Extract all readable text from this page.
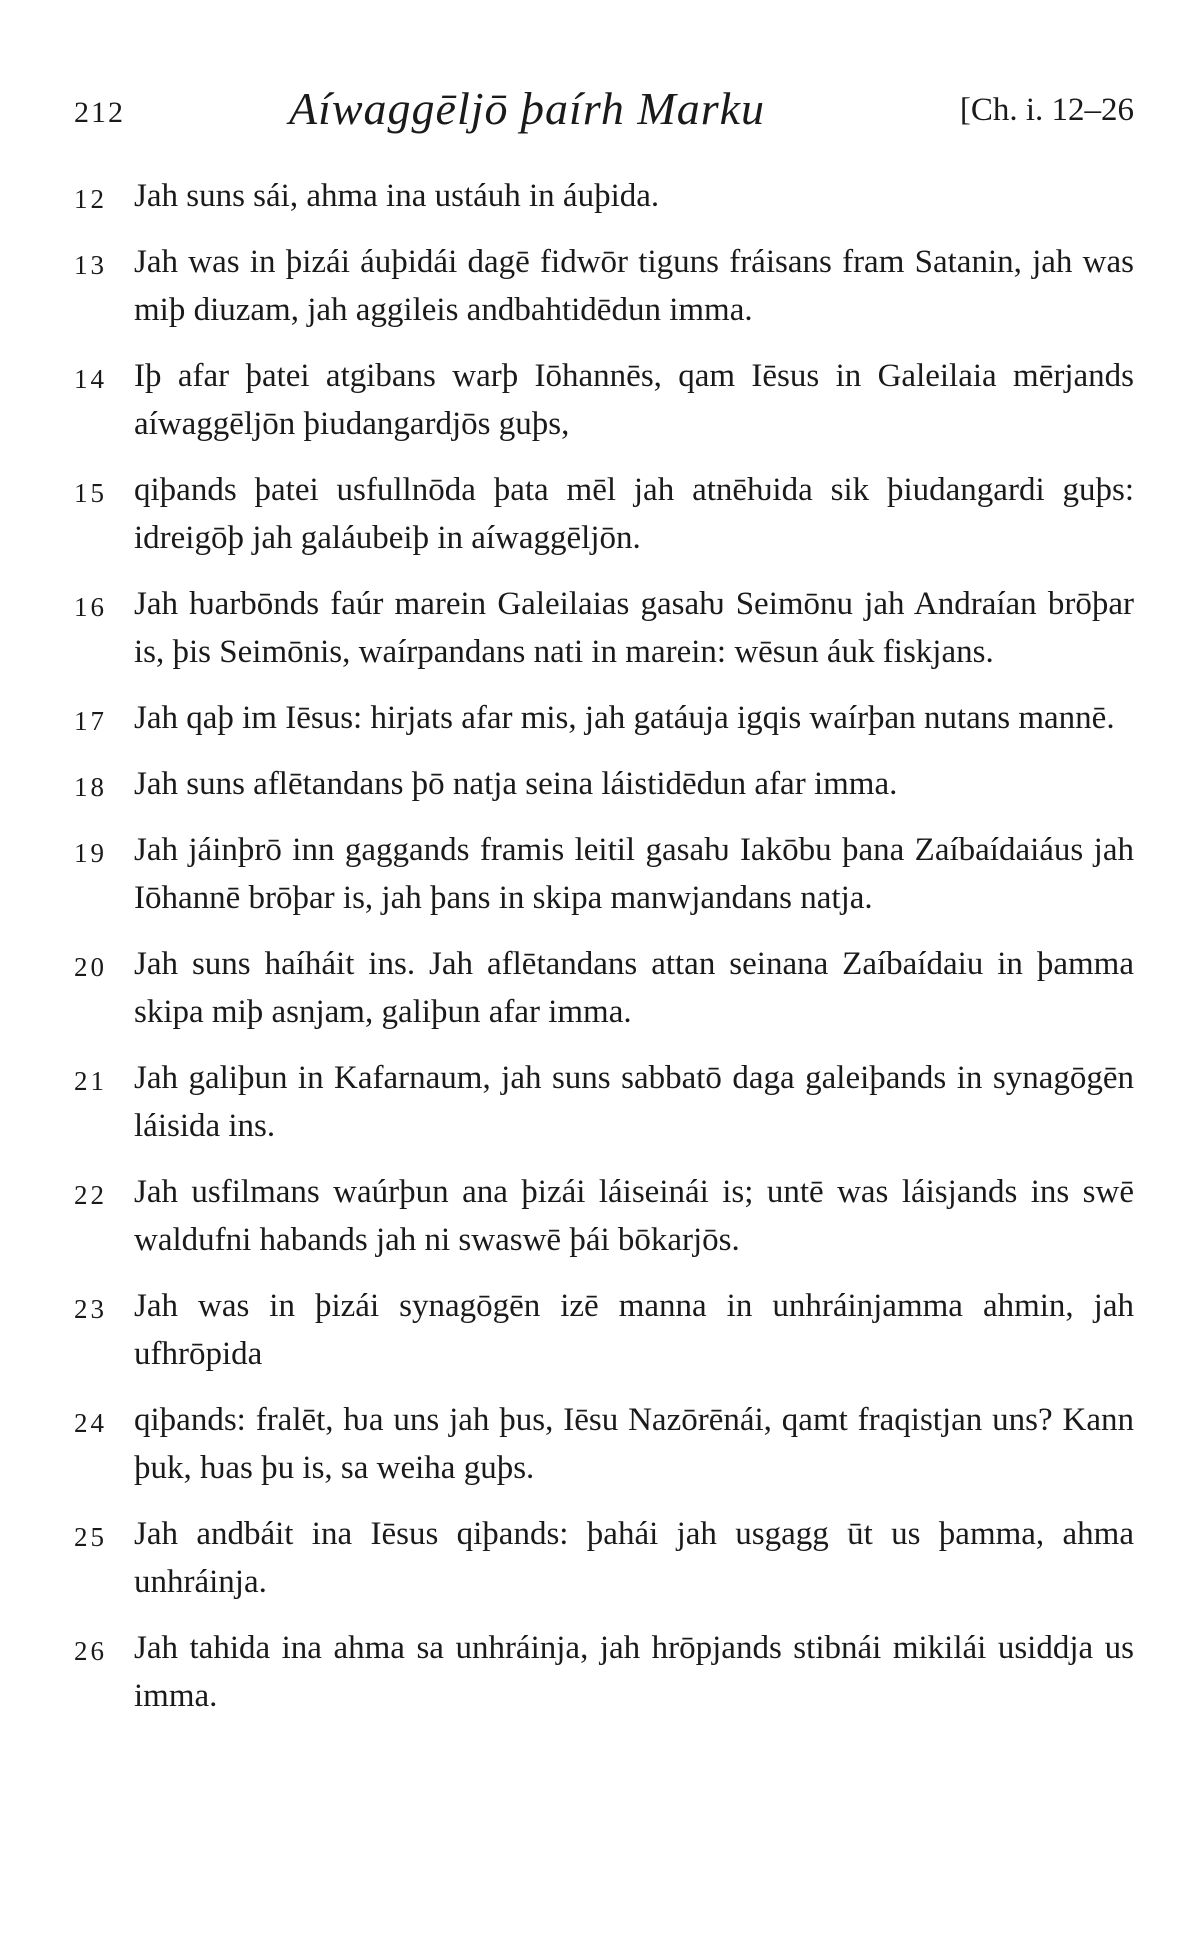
212	Aíwaggēljō þaírh Marku	[Ch. i. 12–26
12 Jah suns sái, ahma ina ustáuh in áuþida.
13 Jah was in þizái áuþidái dagē fidwōr tiguns fráisans fram Satanin, jah was miþ diuzam, jah aggileis andbahtidēdun imma.
14 Iþ afar þatei atgibans warþ Iōhannēs, qam Iēsus in Galeilaia mērjands aíwaggēljōn þiudangardjōs guþs,
15 qiþands þatei usfullnōda þata mēl jah atnēƕida sik þiudangardi guþs: idreigōþ jah galáubeiþ in aíwaggēljōn.
16 Jah ƕarbōnds faúr marein Galeilaias gasaƕ Seimōnu jah Andraían brōþar is, þis Seimōnis, waírpandans nati in marein: wēsun áuk fiskjans.
17 Jah qaþ im Iēsus: hirjats afar mis, jah gatáuja igqis waírþan nutans mannē.
18 Jah suns aflētandans þō natja seina láistidēdun afar imma.
19 Jah jáinþrō inn gaggands framis leitil gasaƕ Iakōbu þana Zaíbaídaiáus jah Iōhannē brōþar is, jah þans in skipa manwjandans natja.
20 Jah suns haíháit ins. Jah aflētandans attan seinana Zaíbaídaiu in þamma skipa miþ asnjam, galiþun afar imma.
21 Jah galiþun in Kafarnaum, jah suns sabbatō daga galeiþands in synagōgēn láisida ins.
22 Jah usfilmans waúrþun ana þizái láiseinái is; untē was láisjands ins swē waldufni habands jah ni swaswē þái bōkarjōs.
23 Jah was in þizái synagōgēn izē manna in unhráinjamma ahmin, jah ufhrōpida
24 qiþands: fralēt, ƕa uns jah þus, Iēsu Nazōrēnái, qamt fraqistjan uns? Kann þuk, ƕas þu is, sa weiha guþs.
25 Jah andbáit ina Iēsus qiþands: þahái jah usgagg ūt us þamma, ahma unhráinja.
26 Jah tahida ina ahma sa unhráinja, jah hrōpjands stibnái mikilái usiddja us imma.
